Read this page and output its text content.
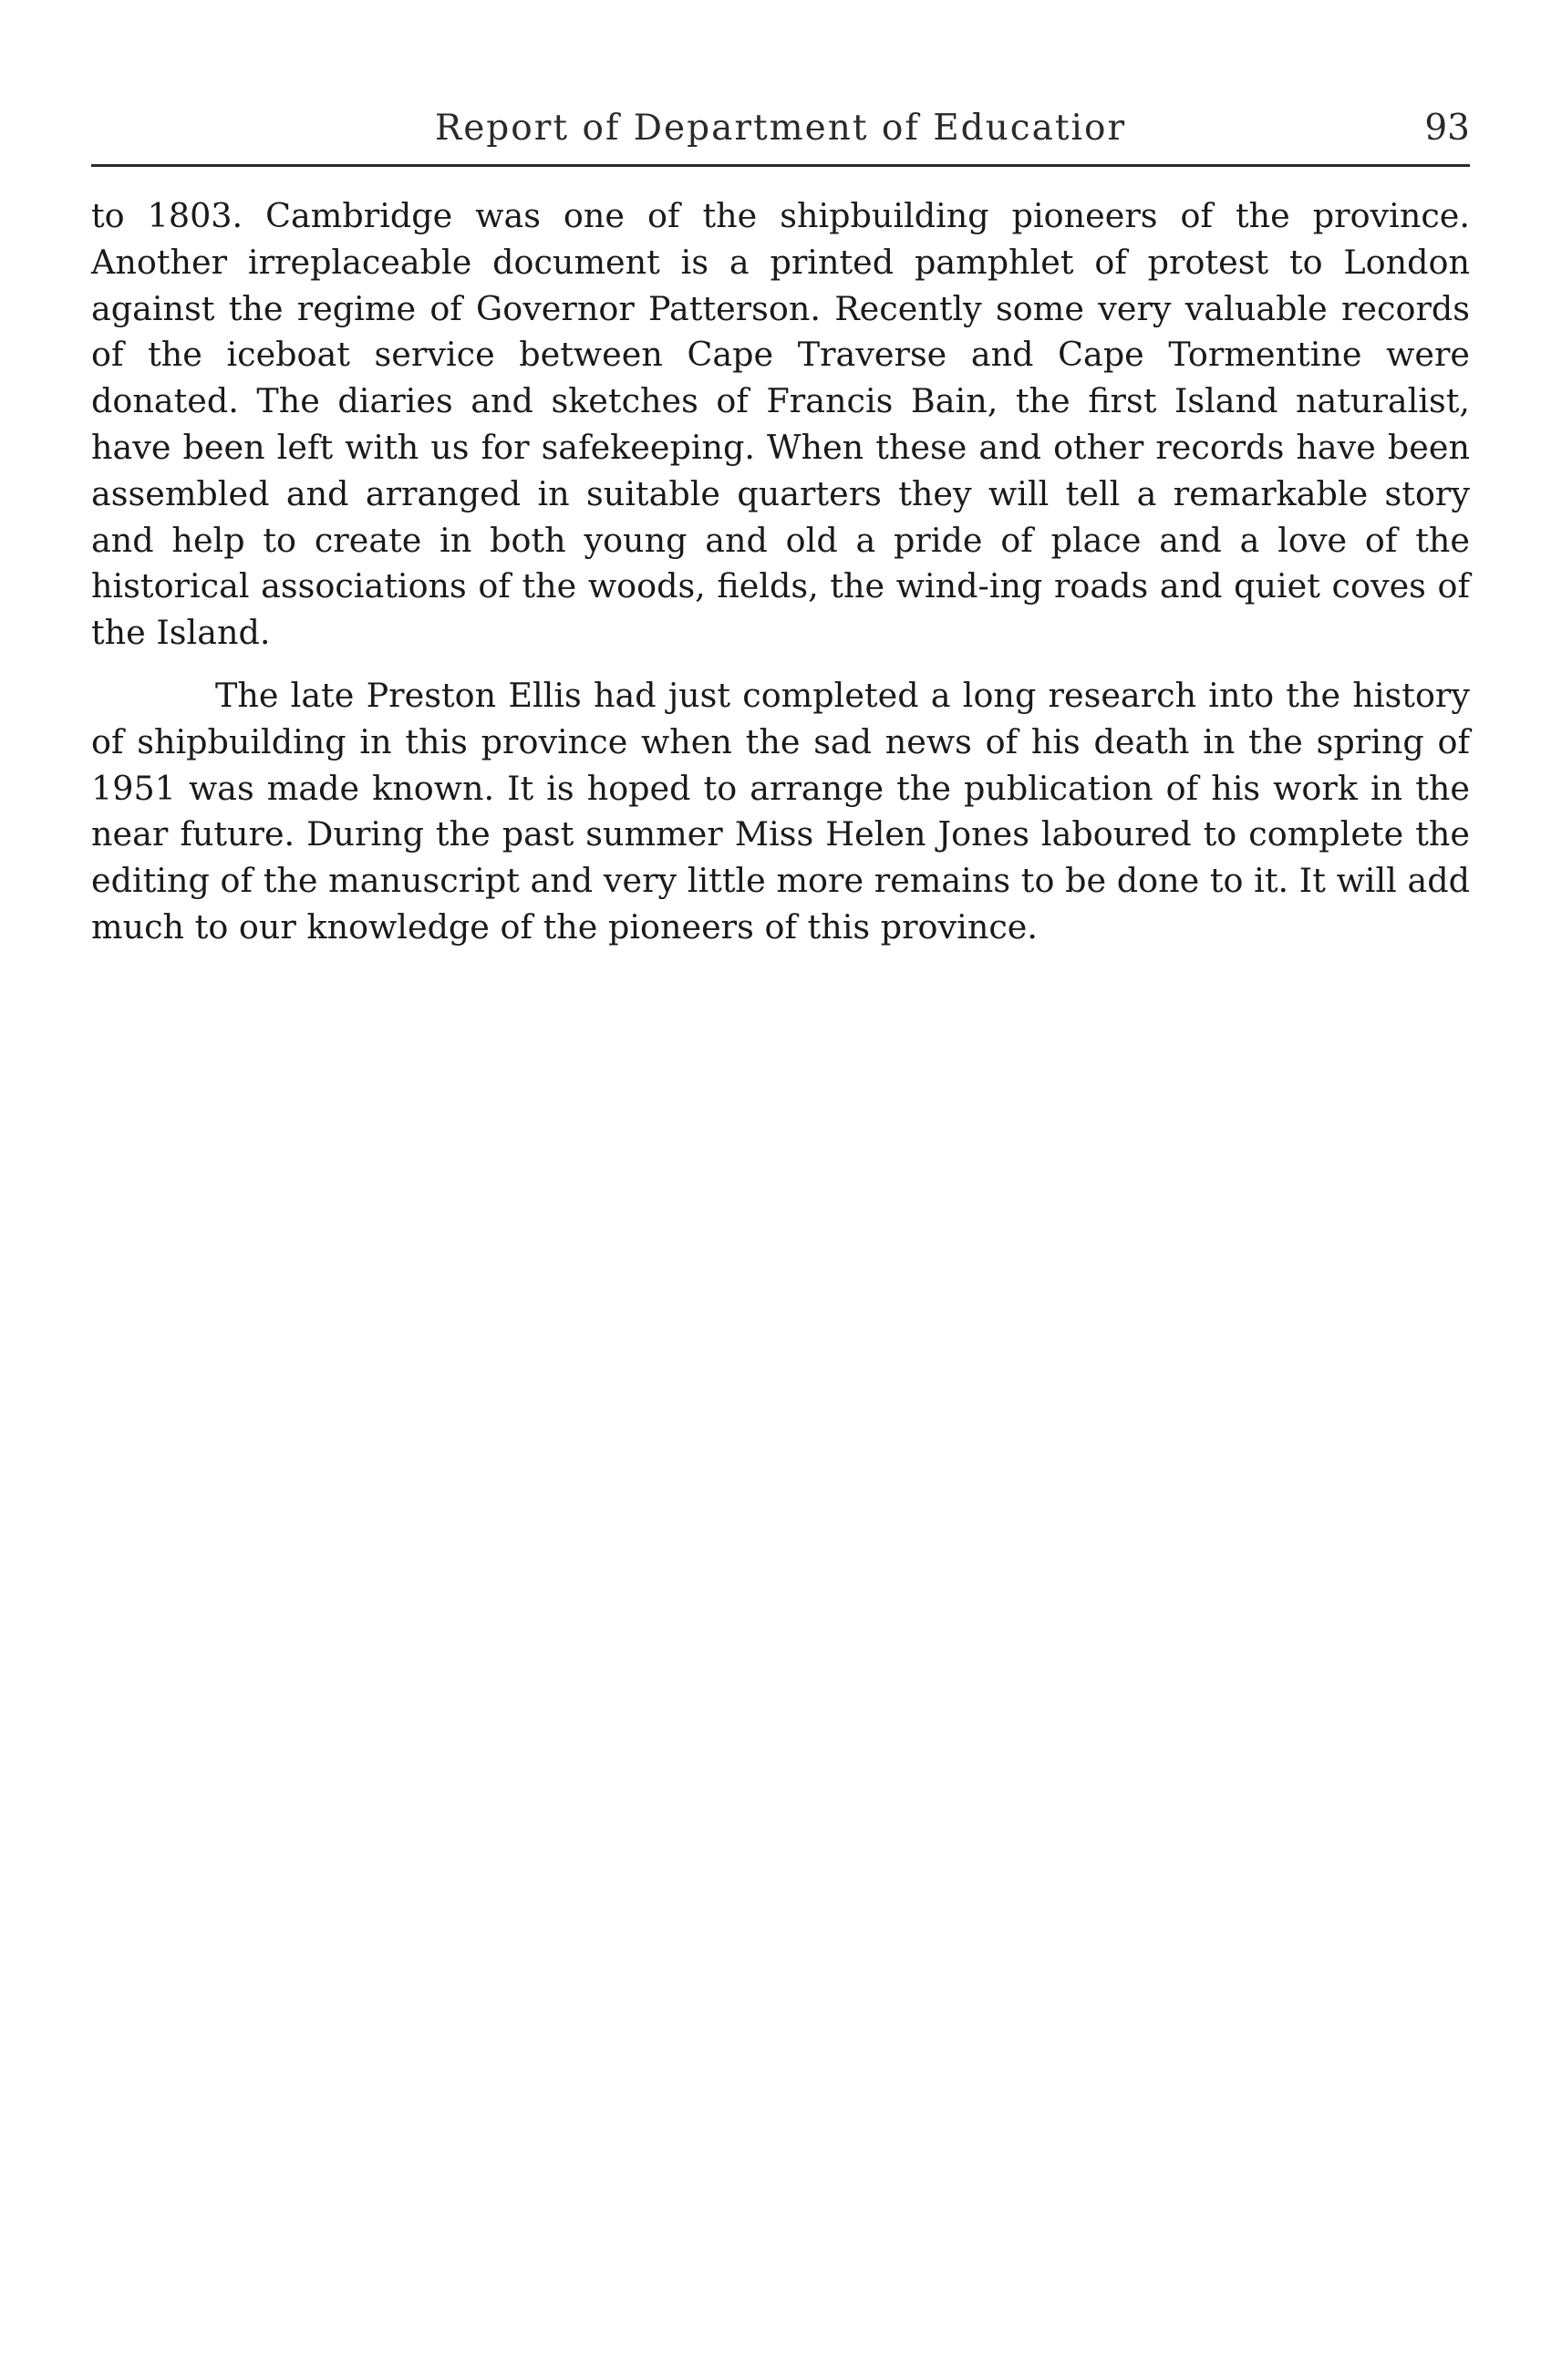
Report of Department of Educatior	93

to 1803. Cambridge was one of the shipbuilding pioneers of the province. Another irreplaceable document is a printed pamphlet of protest to London against the regime of Governor Patterson. Recently some very valuable records of the iceboat service between Cape Traverse and Cape Tormentine were donated. The diaries and sketches of Francis Bain, the first Island naturalist, have been left with us for safekeeping. When these and other records have been assembled and arranged in suitable quarters they will tell a remarkable story and help to create in both young and old a pride of place and a love of the historical associations of the woods, fields, the wind-ing roads and quiet coves of the Island.

The late Preston Ellis had just completed a long research into the history of shipbuilding in this province when the sad news of his death in the spring of 1951 was made known. It is hoped to arrange the publication of his work in the near future. During the past summer Miss Helen Jones laboured to complete the editing of the manuscript and very little more remains to be done to it. It will add much to our knowledge of the pioneers of this province.
